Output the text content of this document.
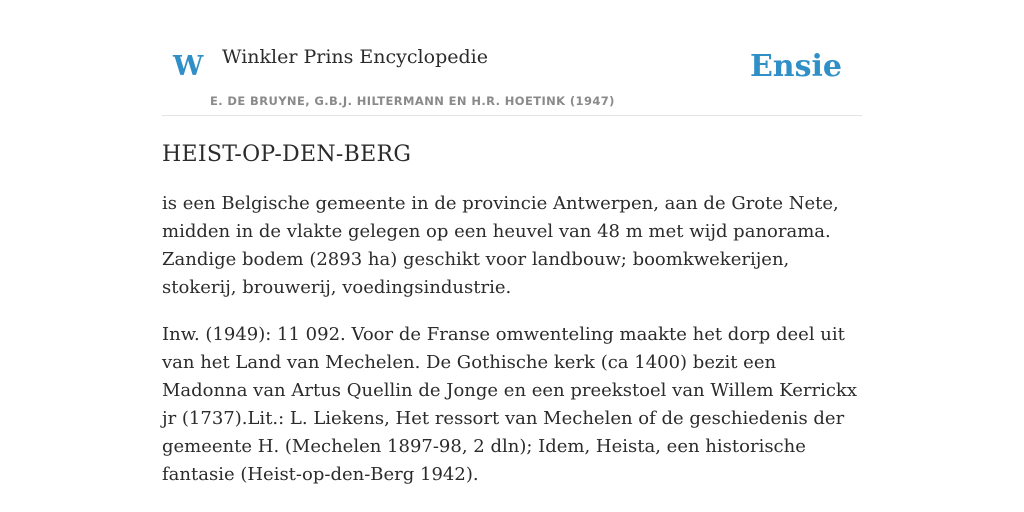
W Winkler Prins Encyclopedie
E. DE BRUYNE, G.B.J. HILTERMANN EN H.R. HOETINK (1947)
Ensie
HEIST-OP-DEN-BERG

is een Belgische gemeente in de provincie Antwerpen, aan de Grote Nete, midden in de vlakte gelegen op een heuvel van 48 m met wijd panorama. Zandige bodem (2893 ha) geschikt voor landbouw; boomkwekerijen, stokerij, brouwerij, voedingsindustrie.

Inw. (1949): 11 092. Voor de Franse omwenteling maakte het dorp deel uit van het Land van Mechelen. De Gothische kerk (ca 1400) bezit een Madonna van Artus Quellin de Jonge en een preekstoel van Willem Kerrickx jr (1737).Lit.: L. Liekens, Het ressort van Mechelen of de geschiedenis der gemeente H. (Mechelen 1897-98, 2 dln); Idem, Heista, een historische fantasie (Heist-op-den-Berg 1942).
